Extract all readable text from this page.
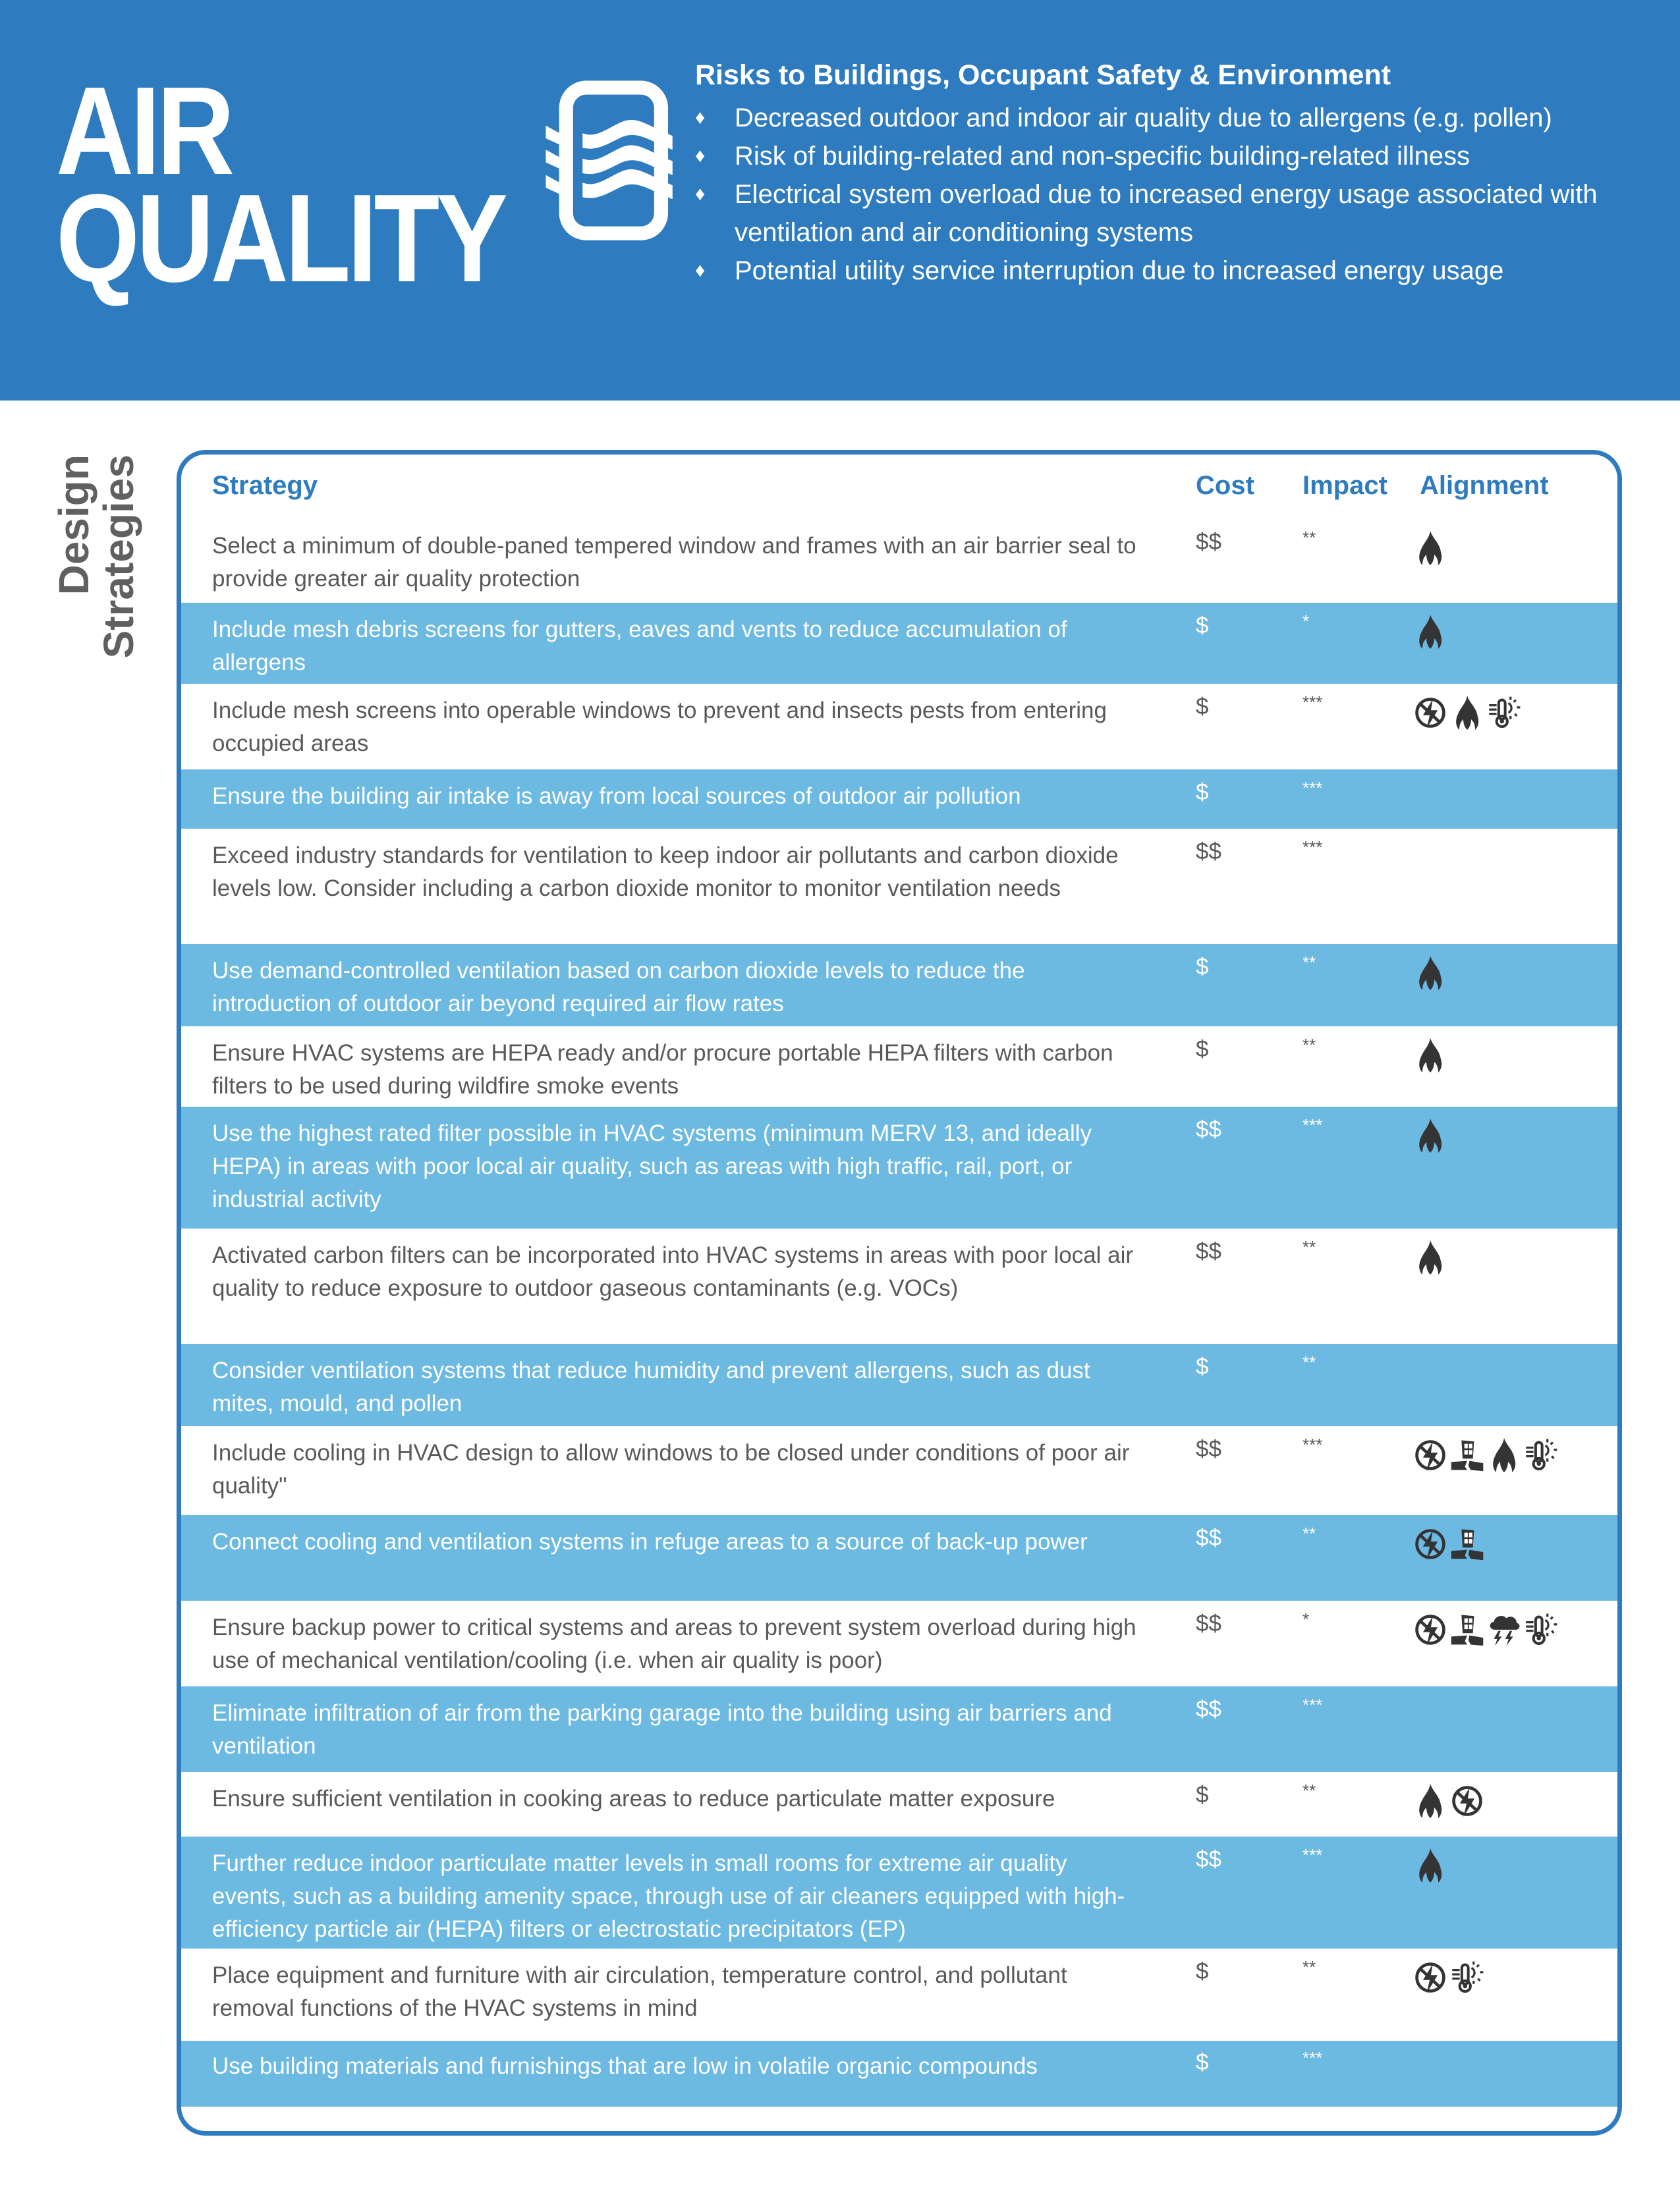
AIR
QUALITY
Risks to Buildings, Occupant Safety & Environment
♦ Decreased outdoor and indoor air quality due to allergens (e.g. pollen)
♦ Risk of building-related and non-specific building-related illness
♦ Electrical system overload due to increased energy usage associated with ventilation and air conditioning systems
♦ Potential utility service interruption due to increased energy usage
Design
Strategies	Strategy	Cost Impact Alignment
Select a minimum of double-paned tempered window and frames with an air barrier seal to provide greater air quality protection
$$	**
Include mesh debris screens for gutters, eaves and vents to reduce accumulation of allergens
$	*
Include mesh screens into operable windows to prevent and insects pests from entering occupied areas
$	***
Ensure the building air intake is away from local sources of outdoor air pollution	$	***
Exceed industry standards for ventilation to keep indoor air pollutants and carbon dioxide levels low. Consider including a carbon dioxide monitor to monitor ventilation needs
$$	***
Use demand-controlled ventilation based on carbon dioxide levels to reduce the introduction of outdoor air beyond required air flow rates
$	**
Ensure HVAC systems are HEPA ready and/or procure portable HEPA filters with carbon filters to be used during wildfire smoke events
$	**
Use the highest rated filter possible in HVAC systems (minimum MERV 13, and ideally HEPA) in areas with poor local air quality, such as areas with high traffic, rail, port, or industrial activity
$$	***
Activated carbon filters can be incorporated into HVAC systems in areas with poor local air quality to reduce exposure to outdoor gaseous contaminants (e.g. VOCs)
$$	**
Consider ventilation systems that reduce humidity and prevent allergens, such as dust mites, mould, and pollen
$	**
Include cooling in HVAC design to allow windows to be closed under conditions of poor air quality"
$$	***
Connect cooling and ventilation systems in refuge areas to a source of back-up power	$$	**
Ensure backup power to critical systems and areas to prevent system overload during high use of mechanical ventilation/cooling (i.e. when air quality is poor)
$$	*
Eliminate infiltration of air from the parking garage into the building using air barriers and ventilation
$$	***
Ensure sufficient ventilation in cooking areas to reduce particulate matter exposure	$	**
Further reduce indoor particulate matter levels in small rooms for extreme air quality events, such as a building amenity space, through use of air cleaners equipped with high-efficiency particle air (HEPA) filters or electrostatic precipitators (EP)
$$	***
Place equipment and furniture with air circulation, temperature control, and pollutant removal functions of the HVAC systems in mind
$	**
Use building materials and furnishings that are low in volatile organic compounds	$	***
